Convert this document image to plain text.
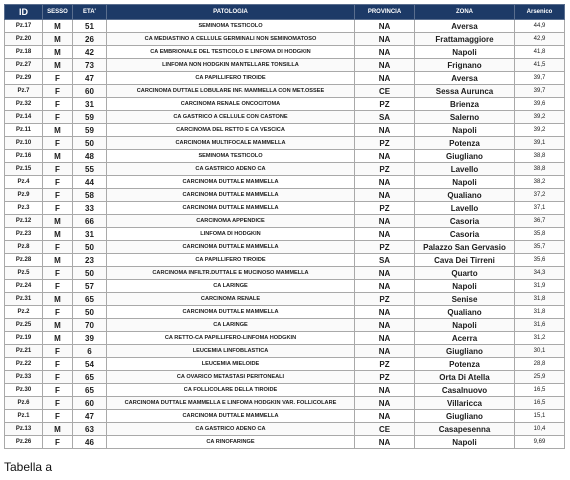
ID	SESSO	ETA'	PATOLOGIA	PROVINCIA	ZONA	Arsenico
Pz.17	M	51	SEMINOMA TESTICOLO	NA	Aversa	44,9
Pz.20	M	26	CA MEDIASTINO A CELLULE GERMINALI NON SEMINOMATOSO	NA	Frattamaggiore	42,9
Pz.18	M	42	CA EMBRIONALE DEL TESTICOLO E LINFOMA DI HODGKIN	NA	Napoli	41,8
Pz.27	M	73	LINFOMA NON HODGKIN MANTELLARE TONSILLA	NA	Frignano	41,5
Pz.29	F	47	CA PAPILLIFERO TIROIDE	NA	Aversa	39,7
Pz.7	F	60	CARCINOMA DUTTALE LOBULARE INF. MAMMELLA CON MET.OSSEE	CE	Sessa Aurunca	39,7
Pz.32	F	31	CARCINOMA RENALE ONCOCITOMA	PZ	Brienza	39,6
Pz.14	F	59	CA GASTRICO A CELLULE CON CASTONE	SA	Salerno	39,2
Pz.11	M	59	CARCINOMA DEL RETTO E CA VESCICA	NA	Napoli	39,2
Pz.10	F	50	CARCINOMA MULTIFOCALE MAMMELLA	PZ	Potenza	39,1
Pz.16	M	48	SEMINOMA TESTICOLO	NA	Giugliano	38,8
Pz.15	F	55	CA GASTRICO ADENO CA	PZ	Lavello	38,8
Pz.4	F	44	CARCINOMA DUTTALE MAMMELLA	NA	Napoli	38,2
Pz.9	F	58	CARCINOMA DUTTALE MAMMELLA	NA	Qualiano	37,2
Pz.3	F	33	CARCINOMA DUTTALE MAMMELLA	PZ	Lavello	37,1
Pz.12	M	66	CARCINOMA APPENDICE	NA	Casoria	36,7
Pz.23	M	31	LINFOMA DI HODGKIN	NA	Casoria	35,8
Pz.8	F	50	CARCINOMA DUTTALE MAMMELLA	PZ	Palazzo San Gervasio	35,7
Pz.28	M	23	CA PAPILLIFERO TIROIDE	SA	Cava Dei Tirreni	35,6
Pz.5	F	50	CARCINOMA INFILTR.DUTTALE E MUCINOSO MAMMELLA	NA	Quarto	34,3
Pz.24	F	57	CA LARINGE	NA	Napoli	31,9
Pz.31	M	65	CARCINOMA RENALE	PZ	Senise	31,8
Pz.2	F	50	CARCINOMA DUTTALE MAMMELLA	NA	Qualiano	31,8
Pz.25	M	70	CA LARINGE	NA	Napoli	31,6
Pz.19	M	39	CA RETTO-CA PAPILLIFERO-LINFOMA HODGKIN	NA	Acerra	31,2
Pz.21	F	6	LEUCEMIA LINFOBLASTICA	NA	Giugliano	30,1
Pz.22	F	54	LEUCEMIA MIELOIDE	PZ	Potenza	28,8
Pz.33	F	65	CA OVARICO METASTASI PERITONEALI	PZ	Orta Di Atella	25,9
Pz.30	F	65	CA FOLLICOLARE DELLA TIROIDE	NA	Casalnuovo	16,5
Pz.6	F	60	CARCINOMA DUTTALE MAMMELLA E LINFOMA HODGKIN VAR. FOLLICOLARE	NA	Villaricca	16,5
Pz.1	F	47	CARCINOMA DUTTALE MAMMELLA	NA	Giugliano	15,1
Pz.13	M	63	CA GASTRICO ADENO CA	CE	Casapesenna	10,4
Pz.26	F	46	CA RINOFARINGE	NA	Napoli	9,69
Tabella a
